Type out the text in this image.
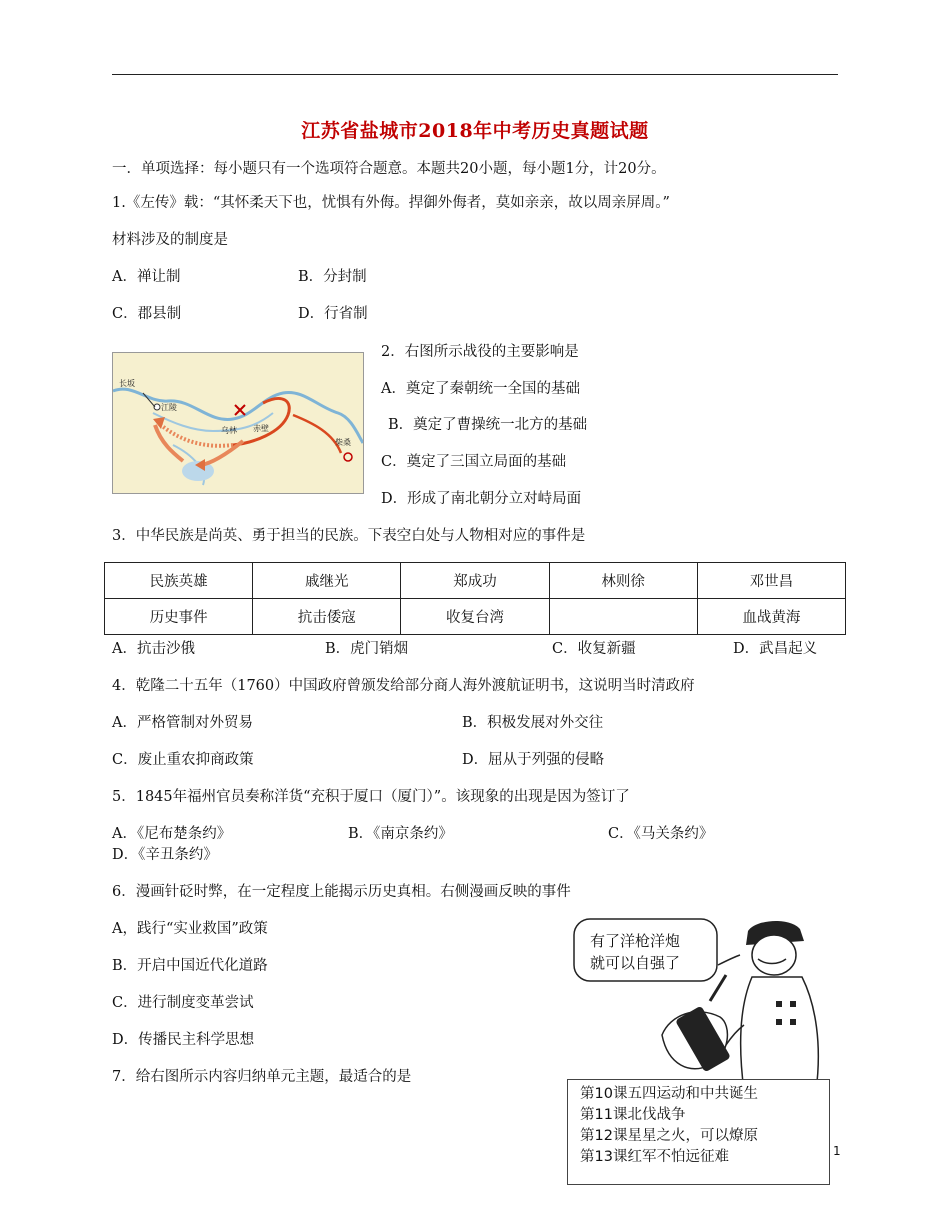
江苏省盐城市2018年中考历史真题试题
一．单项选择：每小题只有一个选项符合题意。本题共20小题，每小题1分，计20分。
1.《左传》载：“其怀柔天下也，忧惧有外侮。捍御外侮者，莫如亲亲，故以周亲屏周。”
材料涉及的制度是
A．禅让制	B．分封制
C．郡县制	D．行省制
长坂
江陵
乌林 赤壁
柴桑
2．右图所示战役的主要影响是
A．奠定了秦朝统一全国的基础
B．奠定了曹操统一北方的基础
C．奠定了三国立局面的基础
D．形成了南北朝分立对峙局面
3．中华民族是尚英、勇于担当的民族。下表空白处与人物相对应的事件是
民族英雄	戚继光	郑成功	林则徐	邓世昌
历史事件	抗击倭寇	收复台湾		血战黄海
A．抗击沙俄	B．虎门销烟	C．收复新疆	D．武昌起义
4．乾隆二十五年（1760）中国政府曾颁发给部分商人海外渡航证明书，这说明当时清政府
A．严格管制对外贸易	B．积极发展对外交往
C．废止重农抑商政策	D．屈从于列强的侵略
5．1845年福州官员奏称洋货“充积于厦口（厦门）”。该现象的出现是因为签订了
A．《尼布楚条约》	B．《南京条约》	C．《马关条约》
D．《辛丑条约》
6．漫画针砭时弊，在一定程度上能揭示历史真相。右侧漫画反映的事件
A，践行“实业救国”政策
B．开启中国近代化道路
C．进行制度变革尝试
D．传播民主科学思想
7．给右图所示内容归纳单元主题，最适合的是
有了洋枪洋炮
就可以自强了
第10课五四运动和中共诞生
第11课北伐战争
第12课星星之火，可以燎原
第13课红军不怕远征难	1
